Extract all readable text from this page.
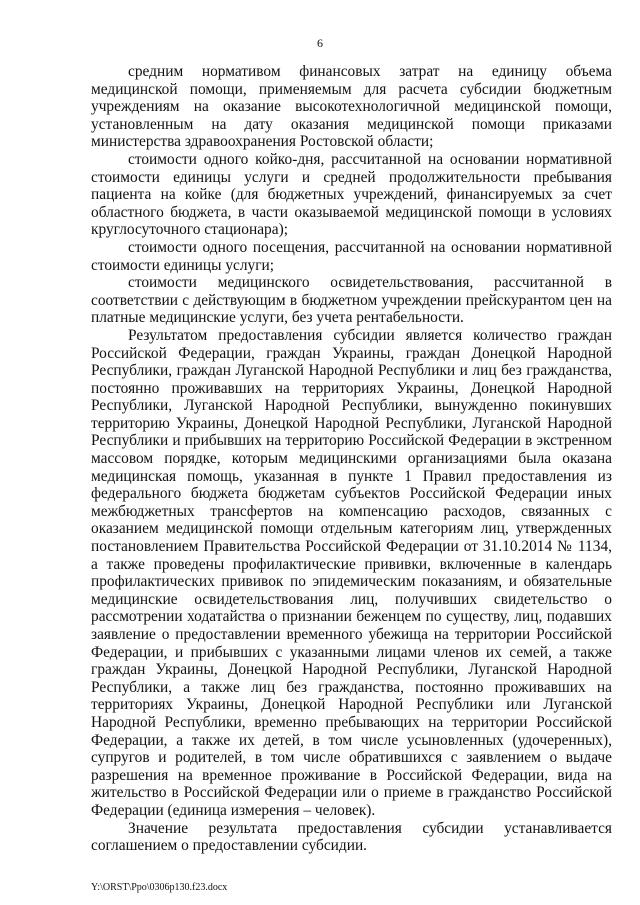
6

средним нормативом финансовых затрат на единицу объема медицинской помощи, применяемым для расчета субсидии бюджетным учреждениям на оказание высокотехнологичной медицинской помощи, установленным на дату оказания медицинской помощи приказами министерства здравоохранения Ростовской области;

стоимости одного койко-дня, рассчитанной на основании нормативной стоимости единицы услуги и средней продолжительности пребывания пациента на койке (для бюджетных учреждений, финансируемых за счет областного бюджета, в части оказываемой медицинской помощи в условиях круглосуточного стационара);

стоимости одного посещения, рассчитанной на основании нормативной стоимости единицы услуги;

стоимости медицинского освидетельствования, рассчитанной в соответствии с действующим в бюджетном учреждении прейскурантом цен на платные медицинские услуги, без учета рентабельности.

Результатом предоставления субсидии является количество граждан Российской Федерации, граждан Украины, граждан Донецкой Народной Республики, граждан Луганской Народной Республики и лиц без гражданства, постоянно проживавших на территориях Украины, Донецкой Народной Республики, Луганской Народной Республики, вынужденно покинувших территорию Украины, Донецкой Народной Республики, Луганской Народной Республики и прибывших на территорию Российской Федерации в экстренном массовом порядке, которым медицинскими организациями была оказана медицинская помощь, указанная в пункте 1 Правил предоставления из федерального бюджета бюджетам субъектов Российской Федерации иных межбюджетных трансфертов на компенсацию расходов, связанных с оказанием медицинской помощи отдельным категориям лиц, утвержденных постановлением Правительства Российской Федерации от 31.10.2014 № 1134, а также проведены профилактические прививки, включенные в календарь профилактических прививок по эпидемическим показаниям, и обязательные медицинские освидетельствования лиц, получивших свидетельство о рассмотрении ходатайства о признании беженцем по существу, лиц, подавших заявление о предоставлении временного убежища на территории Российской Федерации, и прибывших с указанными лицами членов их семей, а также граждан Украины, Донецкой Народной Республики, Луганской Народной Республики, а также лиц без гражданства, постоянно проживавших на территориях Украины, Донецкой Народной Республики или Луганской Народной Республики, временно пребывающих на территории Российской Федерации, а также их детей, в том числе усыновленных (удочеренных), супругов и родителей, в том числе обратившихся с заявлением о выдаче разрешения на временное проживание в Российской Федерации, вида на жительство в Российской Федерации или о приеме в гражданство Российской Федерации (единица измерения – человек).

Значение результата предоставления субсидии устанавливается соглашением о предоставлении субсидии.

Y:\ORST\Ppo\0306p130.f23.docx
